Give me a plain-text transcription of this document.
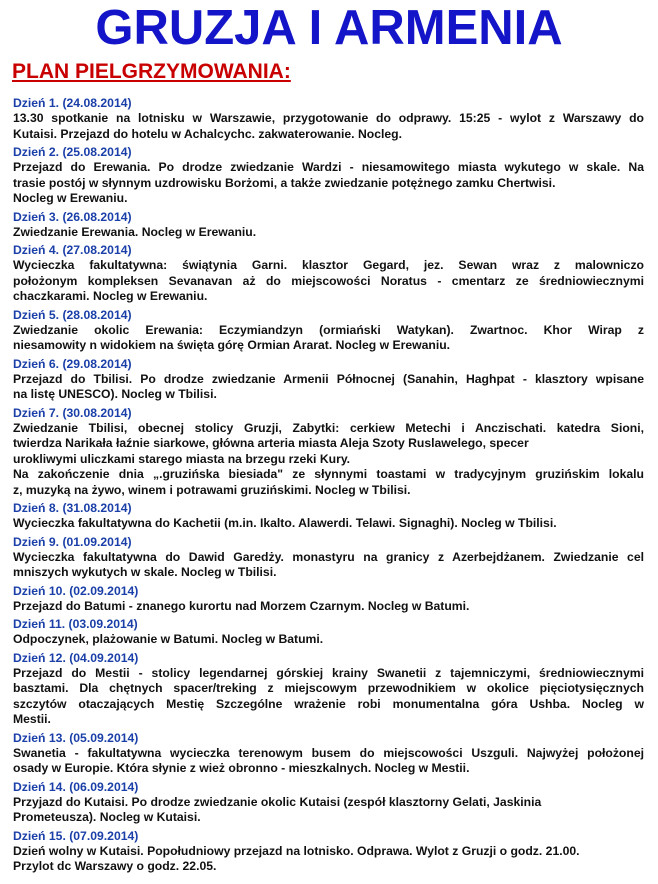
GRUZJA I ARMENIA
PLAN PIELGRZYMOWANIA:
Dzień 1. (24.08.2014)
13.30 spotkanie na lotnisku w Warszawie, przygotowanie do odprawy. 15:25 - wylot z Warszawy do
Kutaisi. Przejazd do hotelu w Achalcychc. zakwaterowanie. Nocleg.
Dzień 2. (25.08.2014)
Przejazd do Erewania. Po drodze zwiedzanie Wardzi - niesamowitego miasta wykutego w skale. Na
trasie postój w słynnym uzdrowisku Borżomi, a także zwiedzanie potężnego zamku Chertwisi.
Nocleg w Erewaniu.
Dzień 3. (26.08.2014)
Zwiedzanie Erewania. Nocleg w Erewaniu.
Dzień 4. (27.08.2014)
Wycieczka fakultatywna: świątynia Garni. klasztor Gegard, jez. Sewan wraz z malowniczo
położonym kompleksen Sevanavan aż do miejscowości Noratus - cmentarz ze średniowiecznymi
chaczkarami. Nocleg w Erewaniu.
Dzień 5. (28.08.2014)
Zwiedzanie okolic Erewania: Eczymiandzyn (ormiański Watykan). Zwartnoc. Khor Wirap z
niesamowity n widokiem na święta górę Ormian Ararat. Nocleg w Erewaniu.
Dzień 6. (29.08.2014)
Przejazd do Tbilisi. Po drodze zwiedzanie Armenii Północnej (Sanahin, Haghpat - klasztory wpisane
na listę UNESCO). Nocleg w Tbilisi.
Dzień 7. (30.08.2014)
Zwiedzanie Tbilisi, obecnej stolicy Gruzji, Zabytki: cerkiew Metechi i Anczischati. katedra Sioni,
twierdza Narikała łaźnie siarkowe, główna arteria miasta Aleja Szoty Ruslawelego, specer
urokliwymi uliczkami starego miasta na brzegu rzeki Kury.
Na zakończenie dnia „.gruzińska biesiada" ze słynnymi toastami w tradycyjnym gruzińskim lokalu
z, muzyką na żywo, winem i potrawami gruzińskimi. Nocleg w Tbilisi.
Dzień 8. (31.08.2014)
Wycieczka fakultatywna do Kachetii (m.in. Ikalto. Alawerdi. Telawi. Signaghi). Nocleg w Tbilisi.
Dzień 9. (01.09.2014)
Wycieczka fakultatywna do Dawid Garedży. monastyru na granicy z Azerbejdżanem. Zwiedzanie cel
mniszych wykutych w skale. Nocleg w Tbilisi.
Dzień 10. (02.09.2014)
Przejazd do Batumi - znanego kurortu nad Morzem Czarnym. Nocleg w Batumi.
Dzień 11. (03.09.2014)
Odpoczynek, plażowanie w Batumi. Nocleg w Batumi.
Dzień 12. (04.09.2014)
Przejazd do Mestii - stolicy legendarnej górskiej krainy Swanetii z tajemniczymi, średniowiecznymi
basztami. Dla chętnych spacer/treking z miejscowym przewodnikiem w okolice pięciotysięcznych
szczytów otaczających Mestię Szczególne wrażenie robi monumentalna góra Ushba. Nocleg w
Mestii.
Dzień 13. (05.09.2014)
Swanetia - fakultatywna wycieczka terenowym busem do miejscowości Uszguli. Najwyżej położonej
osady w Europie. Która słynie z wież obronno - mieszkalnych. Nocleg w Mestii.
Dzień 14. (06.09.2014)
Przyjazd do Kutaisi. Po drodze zwiedzanie okolic Kutaisi (zespół klasztorny Gelati, Jaskinia
Prometeusza). Nocleg w Kutaisi.
Dzień 15. (07.09.2014)
Dzień wolny w Kutaisi. Popołudniowy przejazd na lotnisko. Odprawa. Wylot z Gruzji o godz. 21.00.
Przylot dc Warszawy o godz. 22.05.
